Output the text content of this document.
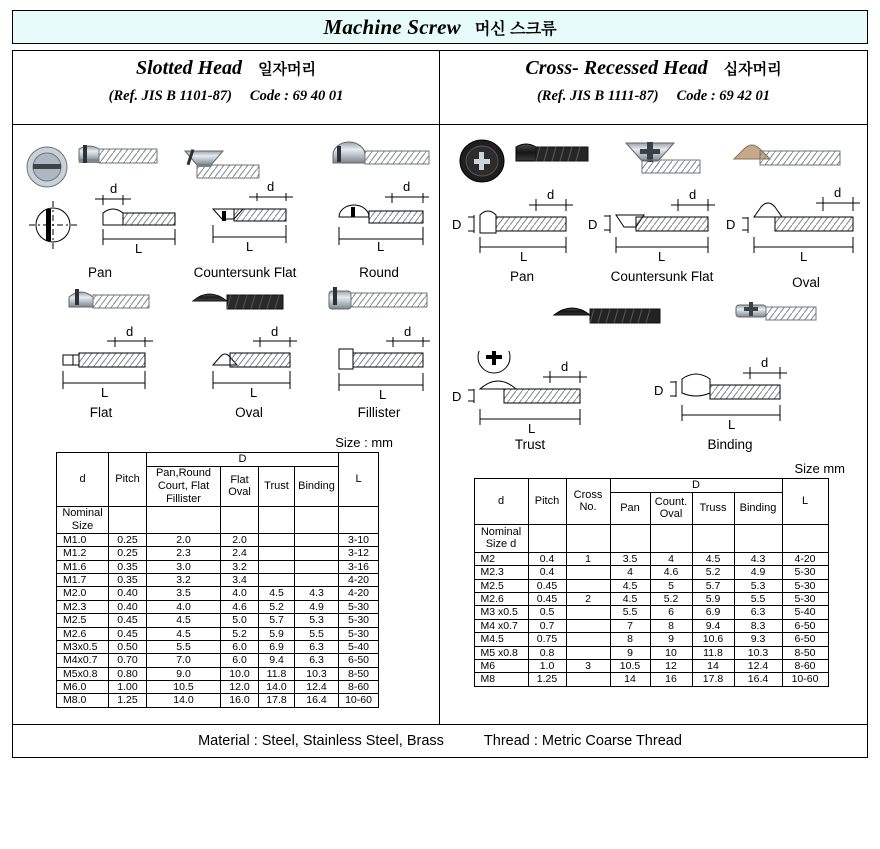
Machine Screw 머신 스크류
Slotted Head 일자머리
(Ref. JIS B 1101-87) Code : 69 40 01
d
L
d
L
d
L
Pan	Countersunk Flat	Round
d
L
d
L
d
L
Flat	Oval	Fillister
Size : mm
d	Pitch	D				L
		Pan,Round Court, Flat Fillister	Flat Oval	Trust	Binding	
Nominal Size						
M1.0	0.25	2.0	2.0			3-10
M1.2	0.25	2.3	2.4			3-12
M1.6	0.35	3.0	3.2			3-16
M1.7	0.35	3.2	3.4			4-20
M2.0	0.40	3.5	4.0	4.5	4.3	4-20
M2.3	0.40	4.0	4.6	5.2	4.9	5-30
M2.5	0.45	4.5	5.0	5.7	5.3	5-30
M2.6	0.45	4.5	5.2	5.9	5.5	5-30
M3x0.5	0.50	5.5	6.0	6.9	6.3	5-40
M4x0.7	0.70	7.0	6.0	9.4	6.3	6-50
M5x0.8	0.80	9.0	10.0	11.8	10.3	8-50
M6.0	1.00	10.5	12.0	14.0	12.4	8-60
M8.0	1.25	14.0	16.0	17.8	16.4	10-60
Cross- Recessed Head 십자머리
(Ref. JIS B 1111-87) Code : 69 42 01
D
d
L
D
d
L
D
d
L
Pan	Countersunk Flat	Oval
D
d
L
D
d
L
Trust	Binding
Size mm
d	Pitch	Cross No.	D				L
			Pan	Count. Oval	Truss	Binding	
Nominal Size d							
M2	0.4	1	3.5	4	4.5	4.3	4-20
M2.3	0.4		4	4.6	5.2	4.9	5-30
M2.5	0.45		4.5	5	5.7	5.3	5-30
M2.6	0.45	2	4.5	5.2	5.9	5.5	5-30
M3 x0.5	0.5		5.5	6	6.9	6.3	5-40
M4 x0.7	0.7		7	8	9.4	8.3	6-50
M4.5	0.75		8	9	10.6	9.3	6-50
M5 x0.8	0.8		9	10	11.8	10.3	8-50
M6	1.0	3	10.5	12	14	12.4	8-60
M8	1.25		14	16	17.8	16.4	10-60
Material : Steel, Stainless Steel, Brass	Thread : Metric Coarse Thread
